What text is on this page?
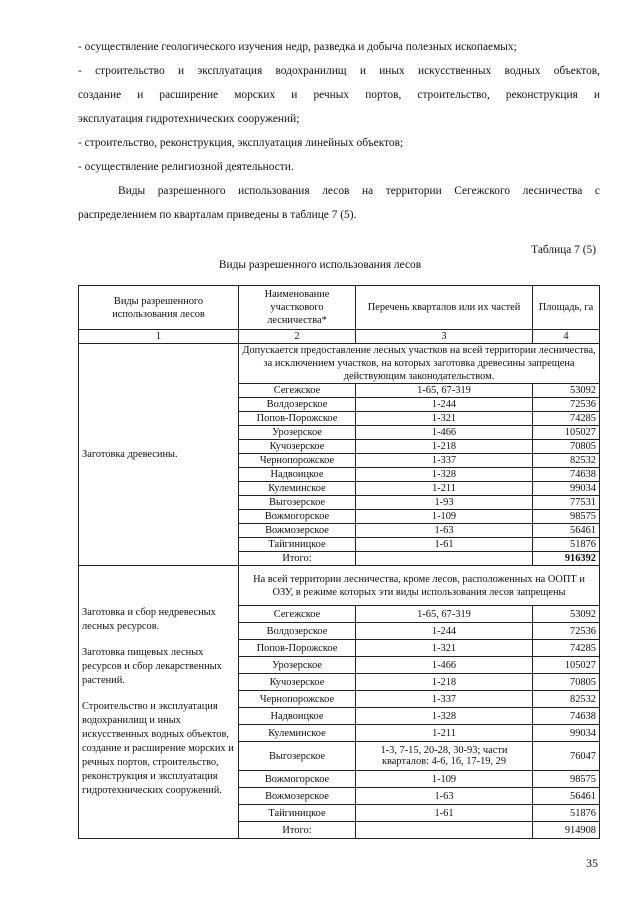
- осуществление геологического изучения недр, разведка и добыча полезных ископаемых;

- строительство и эксплуатация водохранилищ и иных искусственных водных объектов,

создание и расширение морских и речных портов, строительство, реконструкция и

эксплуатация гидротехнических сооружений;

- строительство, реконструкция, эксплуатация линейных объектов;

- осуществление религиозной деятельности.

Виды разрешенного использования лесов на территории Сегежского лесничества с

распределением по кварталам приведены в таблице 7 (5).

Таблица 7 (5)
Виды разрешенного использования лесов
Виды разрешенного использования лесов	Наименование участкового лесничества*	Перечень кварталов или их частей	Площадь, га
1	2	3	4
Заготовка древесины.	Допускается предоставление лесных участков на всей территории лесничества, за исключением участков, на которых заготовка древесины запрещена действующим законодательством.		
	Сегежское	1-65, 67-319	53092
	Волдозерское	1-244	72536
	Попов-Порожское	1-321	74285
	Урозерское	1-466	105027
	Кучозерское	1-218	70805
	Чернопорожское	1-337	82532
	Надвоицкое	1-328	74638
	Кулеминское	1-211	99034
	Выгозерское	1-93	77531
	Вожмогорское	1-109	98575
	Вожмозерское	1-63	56461
	Тайгиницкое	1-61	51876
	Итого:		916392

Заготовка и сбор недревесных лесных ресурсов.
Заготовка пищевых лесных ресурсов и сбор лекарственных растений.
Строительство и эксплуатация водохранилищ и иных искусственных водных объектов, создание и расширение морских и речных портов, строительство, реконструкция и эксплуатация гидротехнических сооружений.	На всей территории лесничества, кроме лесов, расположенных на ООПТ и ОЗУ, в режиме которых эти виды использования лесов запрещены		
	Сегежское	1-65, 67-319	53092
	Волдозерское	1-244	72536
	Попов-Порожское	1-321	74285
	Урозерское	1-466	105027
	Кучозерское	1-218	70805
	Чернопорожское	1-337	82532
	Надвоицкое	1-328	74638
	Кулеминское	1-211	99034
	Выгозерское	1-3, 7-15, 20-28, 30-93; части кварталов: 4-6, 16, 17-19, 29	76047
	Вожмогорское	1-109	98575
	Вожмозерское	1-63	56461
	Тайгиницкое	1-61	51876
	Итого:		914908
35
